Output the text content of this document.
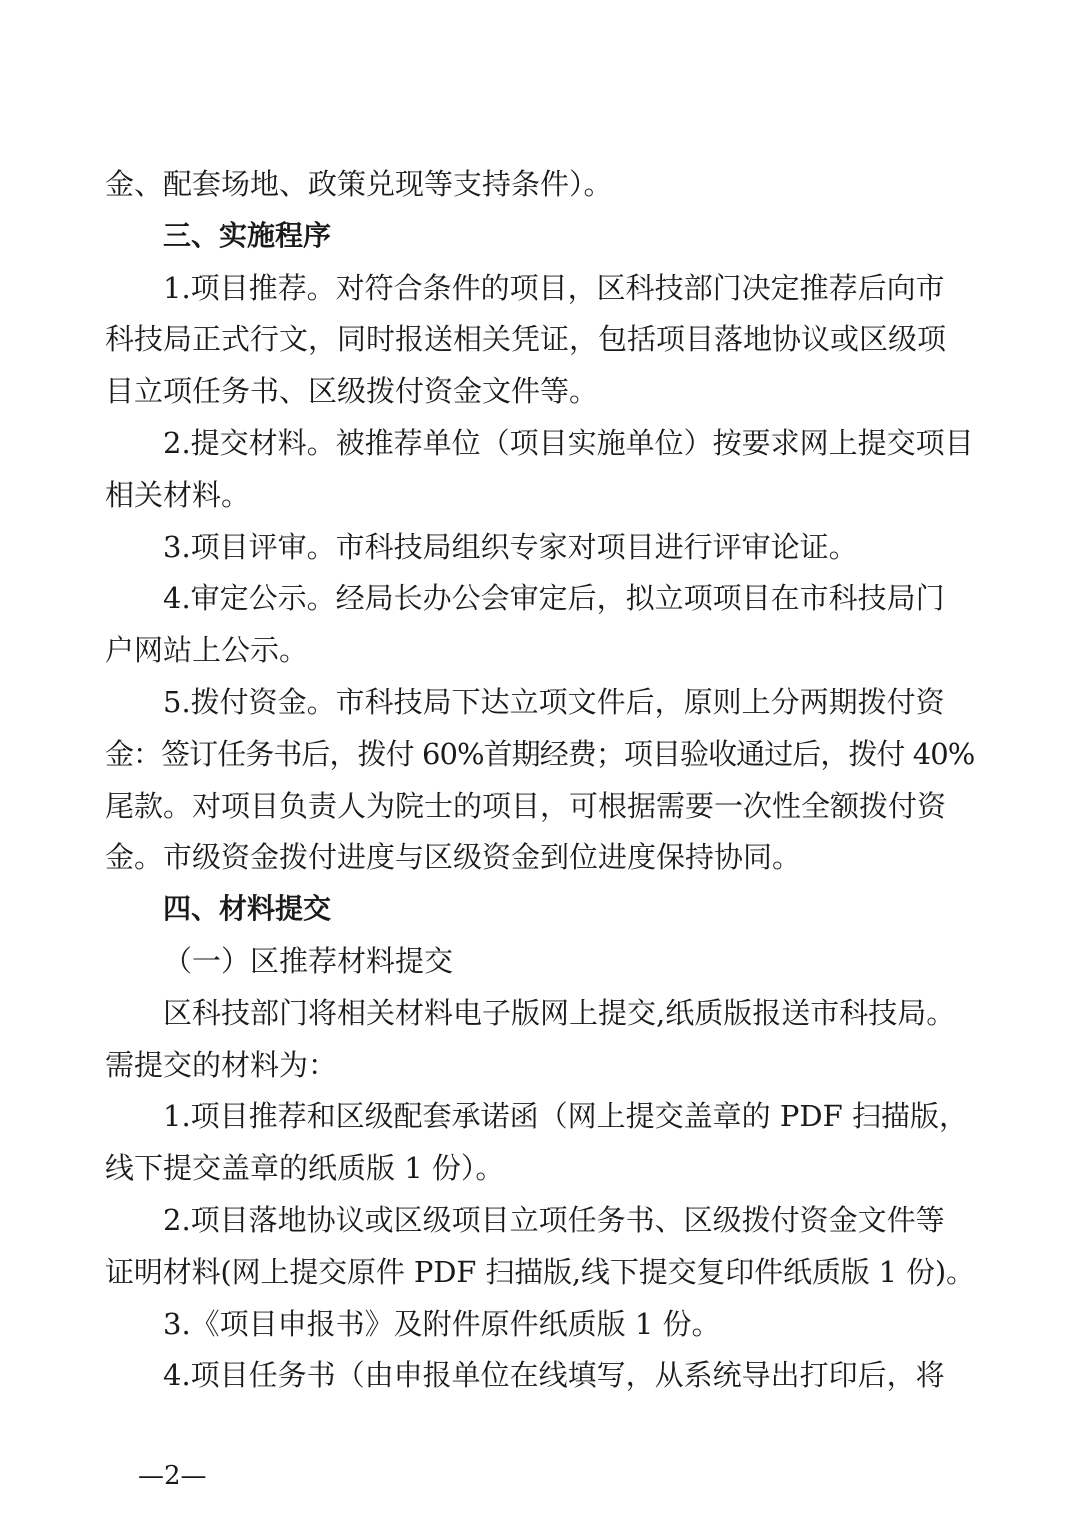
金、配套场地、政策兑现等支持条件）。
三、实施程序
1.项目推荐。对符合条件的项目，区科技部门决定推荐后向市
科技局正式行文，同时报送相关凭证，包括项目落地协议或区级项
目立项任务书、区级拨付资金文件等。
2.提交材料。被推荐单位（项目实施单位）按要求网上提交项目
相关材料。
3.项目评审。市科技局组织专家对项目进行评审论证。
4.审定公示。经局长办公会审定后，拟立项项目在市科技局门
户网站上公示。
5.拨付资金。市科技局下达立项文件后，原则上分两期拨付资
金：签订任务书后，拨付 60%首期经费；项目验收通过后，拨付 40%
尾款。对项目负责人为院士的项目，可根据需要一次性全额拨付资
金。市级资金拨付进度与区级资金到位进度保持协同。
四、材料提交
（一）区推荐材料提交
区科技部门将相关材料电子版网上提交,纸质版报送市科技局。
需提交的材料为：
1.项目推荐和区级配套承诺函（网上提交盖章的 PDF 扫描版，
线下提交盖章的纸质版 1 份）。
2.项目落地协议或区级项目立项任务书、区级拨付资金文件等
证明材料(网上提交原件 PDF 扫描版,线下提交复印件纸质版 1 份)。
3.《项目申报书》及附件原件纸质版 1 份。
4.项目任务书（由申报单位在线填写，从系统导出打印后，将
—2—
